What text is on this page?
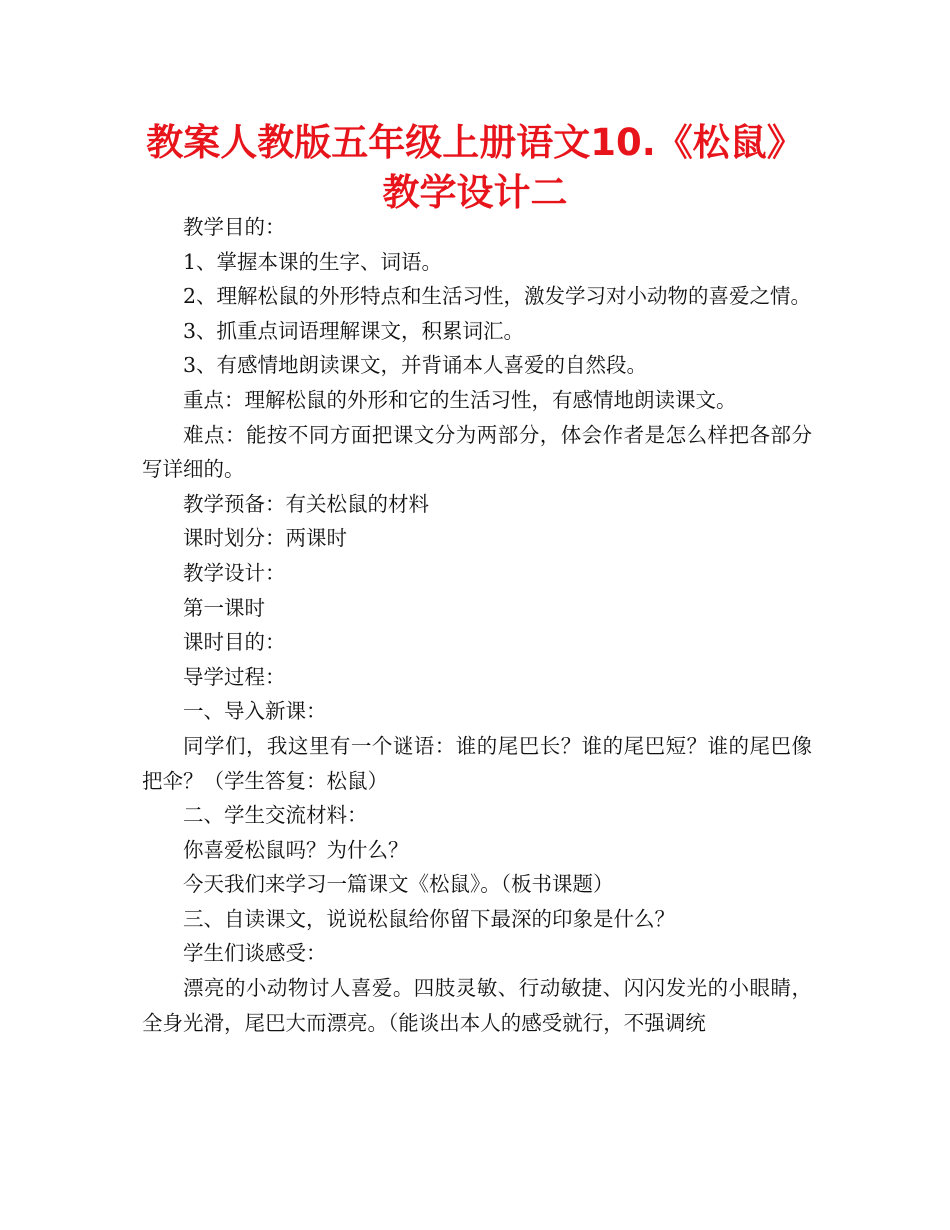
教案人教版五年级上册语文10.《松鼠》教学设计二

教学目的：

1、掌握本课的生字、词语。

2、理解松鼠的外形特点和生活习性，激发学习对小动物的喜爱之情。

3、抓重点词语理解课文，积累词汇。

3、有感情地朗读课文，并背诵本人喜爱的自然段。

重点：理解松鼠的外形和它的生活习性，有感情地朗读课文。

难点：能按不同方面把课文分为两部分，体会作者是怎么样把各部分写详细的。

教学预备：有关松鼠的材料

课时划分：两课时

教学设计：

第一课时

课时目的：

导学过程：

一、导入新课：

同学们，我这里有一个谜语：谁的尾巴长？谁的尾巴短？谁的尾巴像把伞？（学生答复：松鼠）

二、学生交流材料：

你喜爱松鼠吗？为什么？

今天我们来学习一篇课文《松鼠》。（板书课题）

三、自读课文，说说松鼠给你留下最深的印象是什么？

学生们谈感受：

漂亮的小动物讨人喜爱。四肢灵敏、行动敏捷、闪闪发光的小眼睛，全身光滑，尾巴大而漂亮。（能谈出本人的感受就行，不强调统
